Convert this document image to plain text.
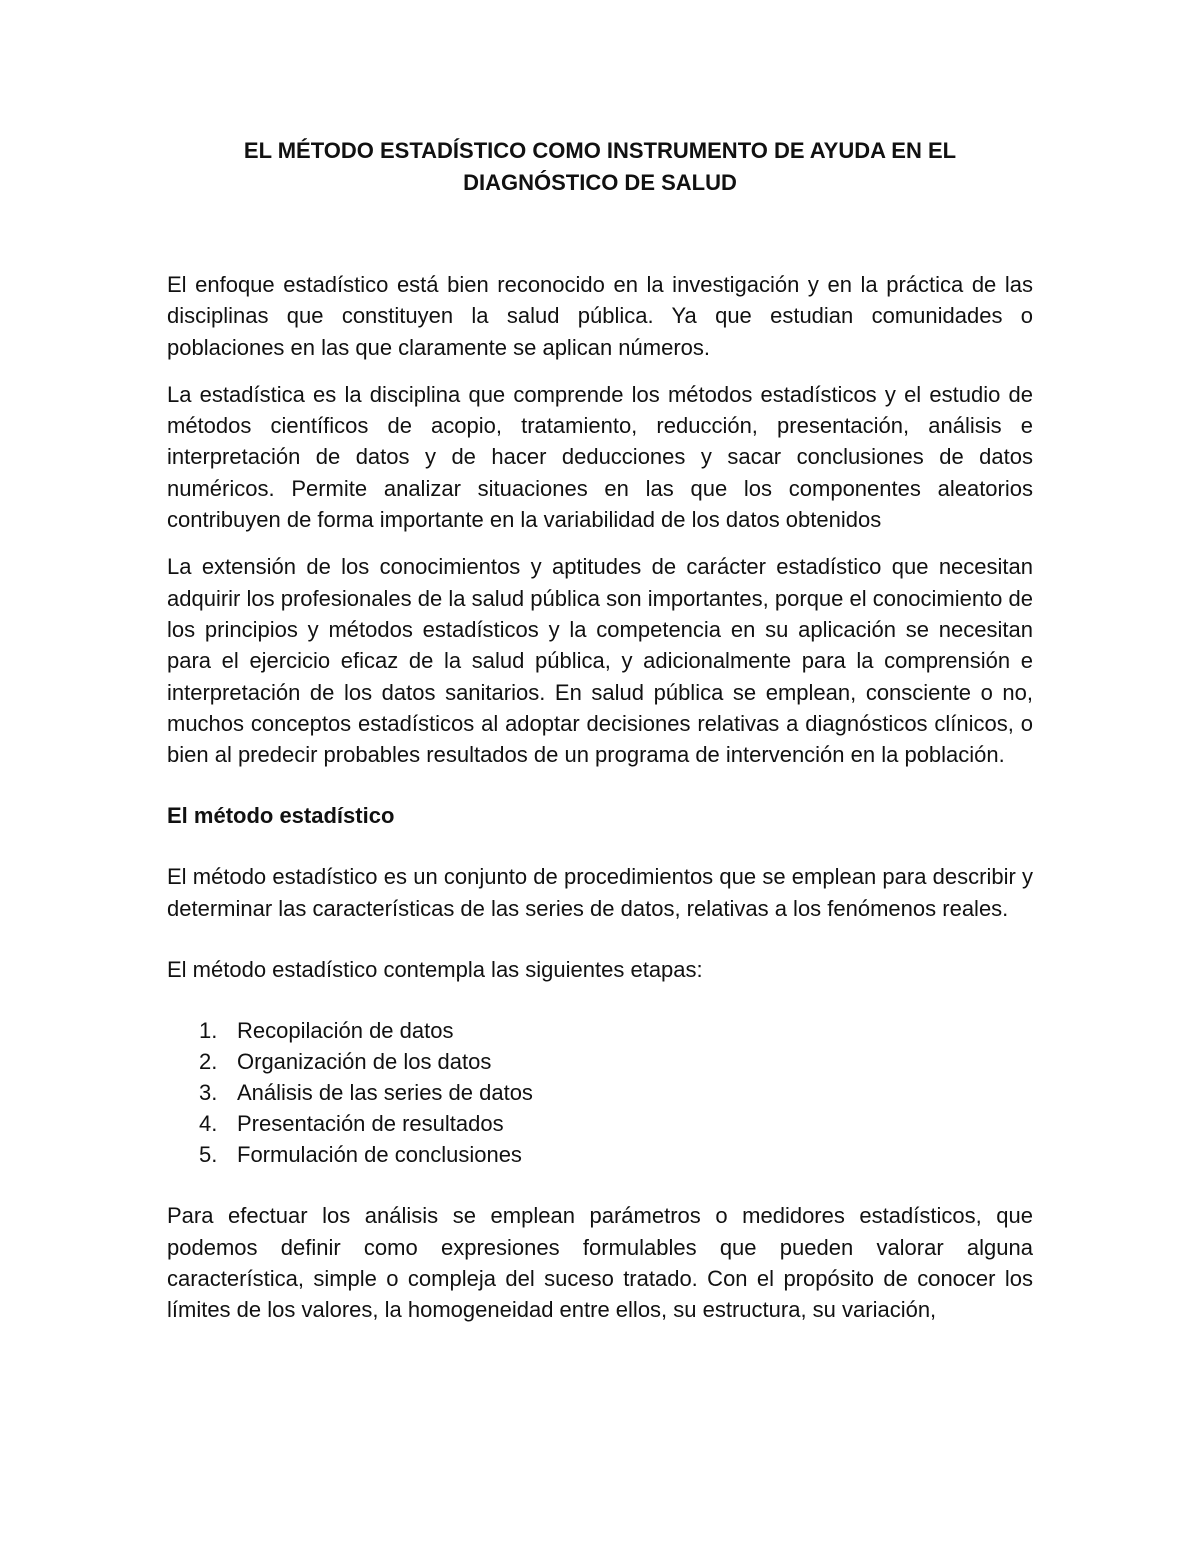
EL MÉTODO ESTADÍSTICO COMO INSTRUMENTO DE AYUDA EN EL
DIAGNÓSTICO DE SALUD

El enfoque estadístico está bien reconocido en la investigación y en la práctica de las disciplinas que constituyen la salud pública. Ya que estudian comunidades o poblaciones en las que claramente se aplican números.

La estadística es la disciplina que comprende los métodos estadísticos y el estudio de métodos científicos de acopio, tratamiento, reducción, presentación, análisis e interpretación de datos y de hacer deducciones y sacar conclusiones de datos numéricos. Permite analizar situaciones en las que los componentes aleatorios contribuyen de forma importante en la variabilidad de los datos obtenidos

La extensión de los conocimientos y aptitudes de carácter estadístico que necesitan adquirir los profesionales de la salud pública son importantes, porque el conocimiento de los principios y métodos estadísticos y la competencia en su aplicación se necesitan para el ejercicio eficaz de la salud pública, y adicionalmente para la comprensión e interpretación de los datos sanitarios. En salud pública se emplean, consciente o no, muchos conceptos estadísticos al adoptar decisiones relativas a diagnósticos clínicos, o bien al predecir probables resultados de un programa de intervención en la población.

El método estadístico

El método estadístico es un conjunto de procedimientos que se emplean para describir y determinar las características de las series de datos, relativas a los fenómenos reales.

El método estadístico contempla las siguientes etapas:

1. Recopilación de datos
2. Organización de los datos
3. Análisis de las series de datos
4. Presentación de resultados
5. Formulación de conclusiones

Para efectuar los análisis se emplean parámetros o medidores estadísticos, que podemos definir como expresiones formulables que pueden valorar alguna característica, simple o compleja del suceso tratado. Con el propósito de conocer los límites de los valores, la homogeneidad entre ellos, su estructura, su variación,
